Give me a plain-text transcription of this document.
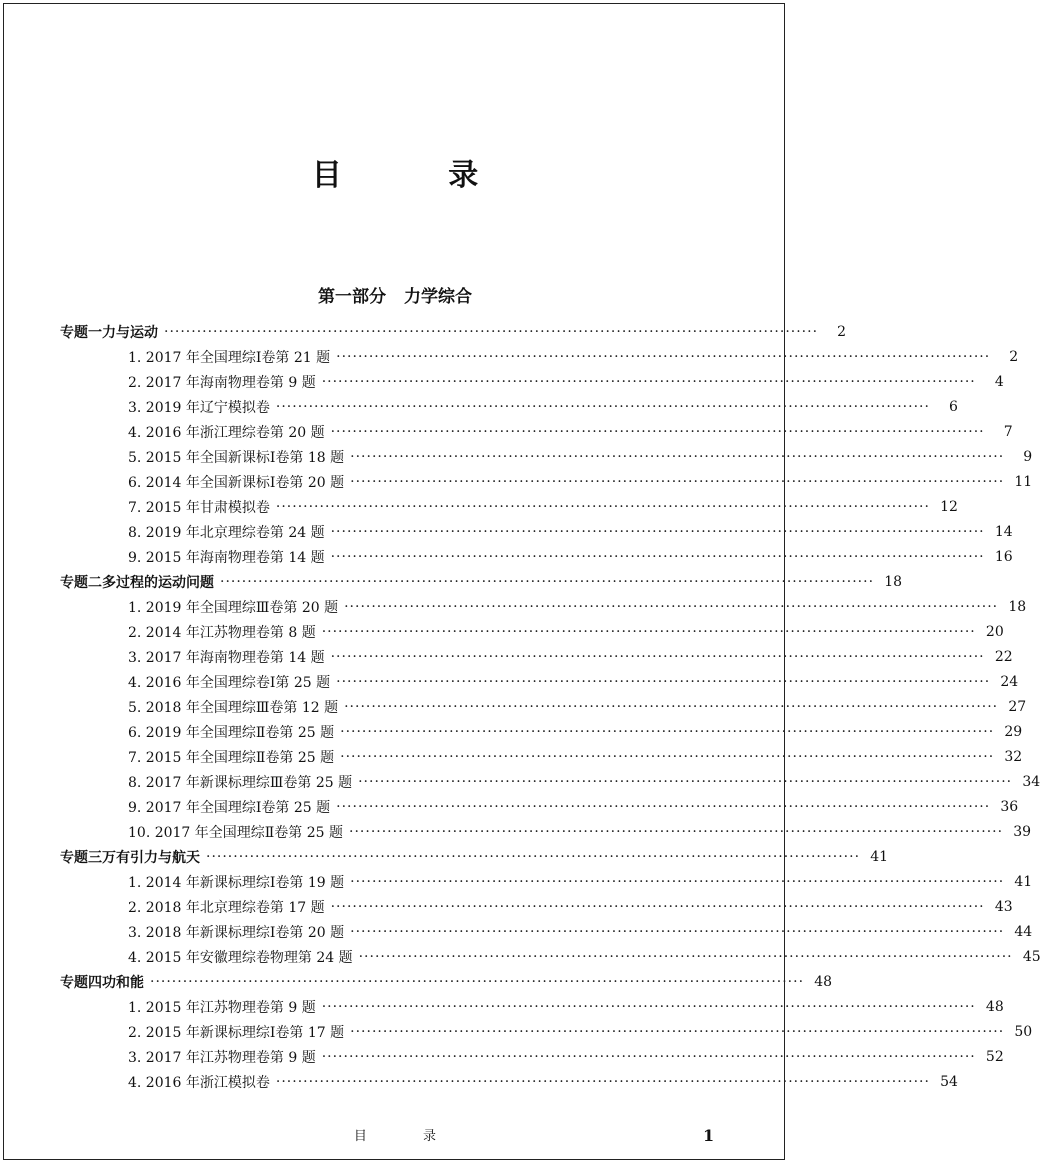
目 录
第一部分 力学综合
专题一 力与运动 ························································································································	2
1. 2017 年全国理综Ⅰ卷第 21 题 ························································································································	2
2. 2017 年海南物理卷第 9 题 ························································································································	4
3. 2019 年辽宁模拟卷 ························································································································	6
4. 2016 年浙江理综卷第 20 题 ························································································································	7
5. 2015 年全国新课标Ⅰ卷第 18 题 ························································································································	9
6. 2014 年全国新课标Ⅰ卷第 20 题 ························································································································ 11
7. 2015 年甘肃模拟卷 ························································································································ 12
8. 2019 年北京理综卷第 24 题 ························································································································ 14
9. 2015 年海南物理卷第 14 题 ························································································································ 16
专题二 多过程的运动问题 ························································································································ 18
1. 2019 年全国理综Ⅲ卷第 20 题 ························································································································ 18
2. 2014 年江苏物理卷第 8 题 ························································································································ 20
3. 2017 年海南物理卷第 14 题 ························································································································ 22
4. 2016 年全国理综卷Ⅰ第 25 题 ························································································································ 24
5. 2018 年全国理综Ⅲ卷第 12 题 ························································································································ 27
6. 2019 年全国理综Ⅱ卷第 25 题 ························································································································ 29
7. 2015 年全国理综Ⅱ卷第 25 题 ························································································································ 32
8. 2017 年新课标理综Ⅲ卷第 25 题 ························································································································ 34
9. 2017 年全国理综Ⅰ卷第 25 题 ························································································································ 36
10. 2017 年全国理综Ⅱ卷第 25 题 ························································································································ 39
专题三 万有引力与航天 ························································································································ 41
1. 2014 年新课标理综Ⅰ卷第 19 题 ························································································································ 41
2. 2018 年北京理综卷第 17 题 ························································································································ 43
3. 2018 年新课标理综Ⅰ卷第 20 题 ························································································································ 44
4. 2015 年安徽理综卷物理第 24 题 ························································································································ 45
专题四 功和能 ························································································································ 48
1. 2015 年江苏物理卷第 9 题 ························································································································ 48
2. 2015 年新课标理综Ⅰ卷第 17 题 ························································································································ 50
3. 2017 年江苏物理卷第 9 题 ························································································································ 52
4. 2016 年浙江模拟卷 ························································································································ 54
目 录	1
